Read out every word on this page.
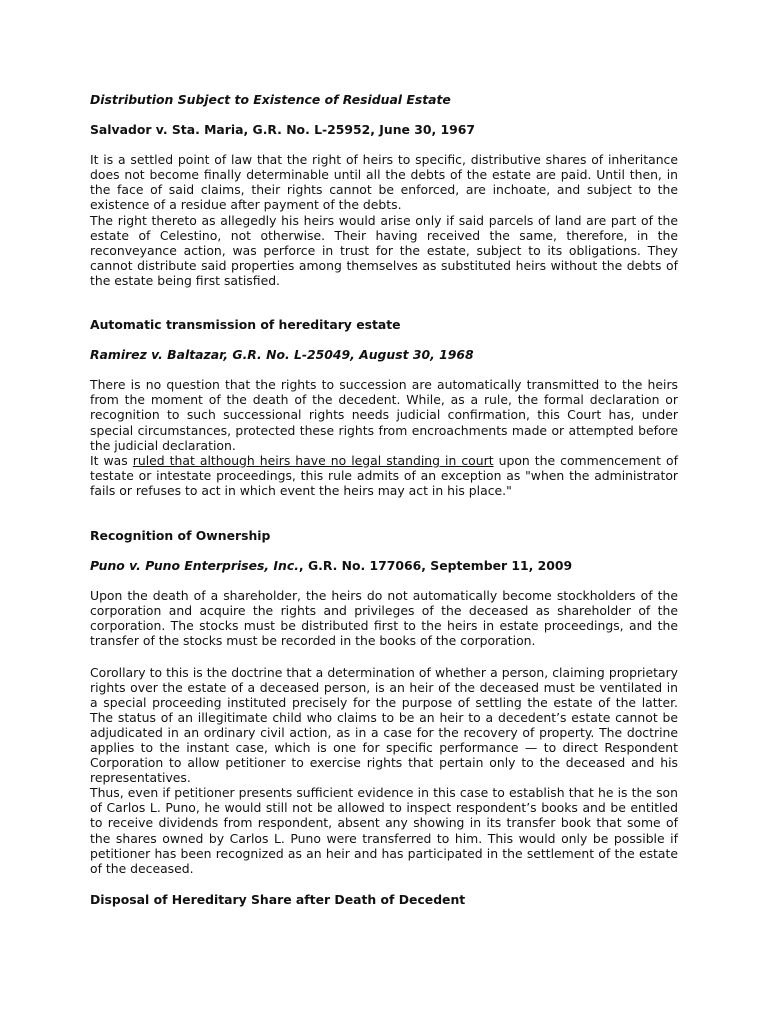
Distribution Subject to Existence of Residual Estate
Salvador v. Sta. Maria, G.R. No. L-25952, June 30, 1967

It is a settled point of law that the right of heirs to specific, distributive shares of inheritance does not become finally determinable until all the debts of the estate are paid. Until then, in the face of said claims, their rights cannot be enforced, are inchoate, and subject to the existence of a residue after payment of the debts.

The right thereto as allegedly his heirs would arise only if said parcels of land are part of the estate of Celestino, not otherwise. Their having received the same, therefore, in the reconveyance action, was perforce in trust for the estate, subject to its obligations. They cannot distribute said properties among themselves as substituted heirs without the debts of the estate being first satisfied.

Automatic transmission of hereditary estate
Ramirez v. Baltazar, G.R. No. L-25049, August 30, 1968

There is no question that the rights to succession are automatically transmitted to the heirs from the moment of the death of the decedent. While, as a rule, the formal declaration or recognition to such successional rights needs judicial confirmation, this Court has, under special circumstances, protected these rights from encroachments made or attempted before the judicial declaration.

It was ruled that although heirs have no legal standing in court upon the commencement of testate or intestate proceedings, this rule admits of an exception as "when the administrator fails or refuses to act in which event the heirs may act in his place."

Recognition of Ownership
Puno v. Puno Enterprises, Inc., G.R. No. 177066, September 11, 2009

Upon the death of a shareholder, the heirs do not automatically become stockholders of the corporation and acquire the rights and privileges of the deceased as shareholder of the corporation. The stocks must be distributed first to the heirs in estate proceedings, and the transfer of the stocks must be recorded in the books of the corporation.

Corollary to this is the doctrine that a determination of whether a person, claiming proprietary rights over the estate of a deceased person, is an heir of the deceased must be ventilated in a special proceeding instituted precisely for the purpose of settling the estate of the latter. The status of an illegitimate child who claims to be an heir to a decedent’s estate cannot be adjudicated in an ordinary civil action, as in a case for the recovery of property. The doctrine applies to the instant case, which is one for specific performance — to direct Respondent Corporation to allow petitioner to exercise rights that pertain only to the deceased and his representatives.

Thus, even if petitioner presents sufficient evidence in this case to establish that he is the son of Carlos L. Puno, he would still not be allowed to inspect respondent’s books and be entitled to receive dividends from respondent, absent any showing in its transfer book that some of the shares owned by Carlos L. Puno were transferred to him. This would only be possible if petitioner has been recognized as an heir and has participated in the settlement of the estate of the deceased.

Disposal of Hereditary Share after Death of Decedent
